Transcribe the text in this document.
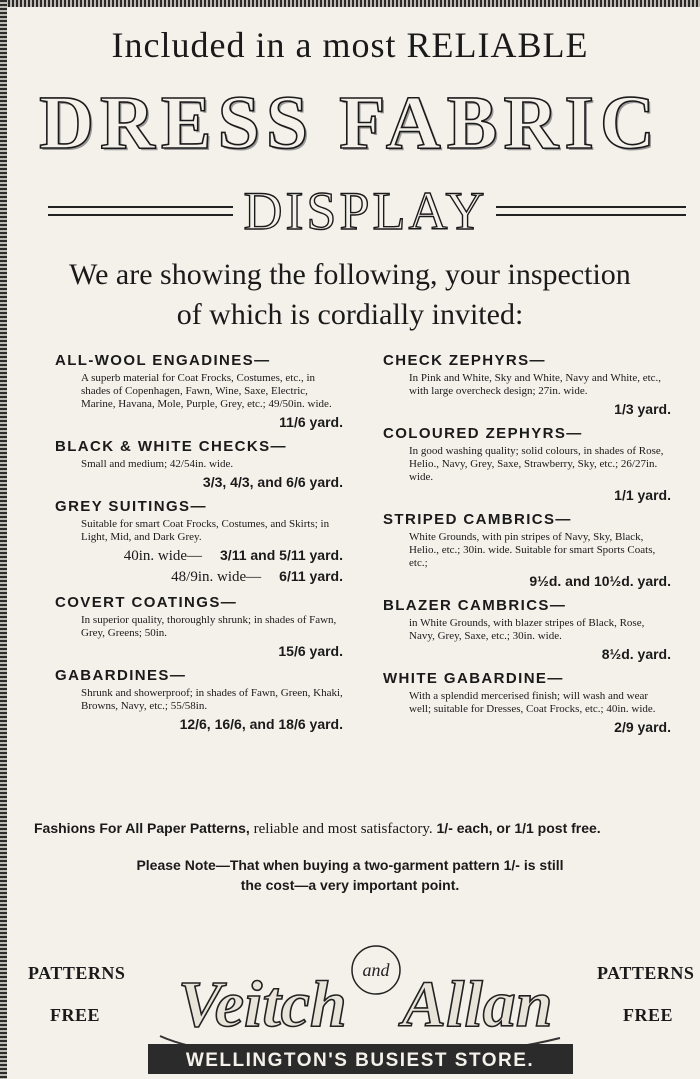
Included in a most RELIABLE
DRESS FABRIC
DISPLAY
We are showing the following, your inspection
of which is cordially invited:

ALL-WOOL ENGADINES—

A superb material for Coat Frocks, Costumes, etc., in shades of Copenhagen, Fawn, Wine, Saxe, Electric, Marine, Havana, Mole, Purple, Grey, etc.; 49/50in. wide.

11/6 yard.

BLACK & WHITE CHECKS—

Small and medium; 42/54in. wide.

3/3, 4/3, and 6/6 yard.

GREY SUITINGS—

Suitable for smart Coat Frocks, Costumes, and Skirts; in Light, Mid, and Dark Grey.

40in. wide— 3/11 and 5/11 yard.
48/9in. wide— 6/11 yard.

COVERT COATINGS—

In superior quality, thoroughly shrunk; in shades of Fawn, Grey, Greens; 50in.

15/6 yard.

GABARDINES—

Shrunk and showerproof; in shades of Fawn, Green, Khaki, Browns, Navy, etc.; 55/58in.

12/6, 16/6, and 18/6 yard.

CHECK ZEPHYRS—

In Pink and White, Sky and White, Navy and White, etc., with large overcheck design; 27in. wide.

1/3 yard.

COLOURED ZEPHYRS—

In good washing quality; solid colours, in shades of Rose, Helio., Navy, Grey, Saxe, Strawberry, Sky, etc.; 26/27in. wide.

1/1 yard.

STRIPED CAMBRICS—

White Grounds, with pin stripes of Navy, Sky, Black, Helio., etc.; 30in. wide. Suitable for smart Sports Coats, etc.;

9½d. and 10½d. yard.

BLAZER CAMBRICS—

in White Grounds, with blazer stripes of Black, Rose, Navy, Grey, Saxe, etc.; 30in. wide.

8½d. yard.

WHITE GABARDINE—

With a splendid mercerised finish; will wash and wear well; suitable for Dresses, Coat Frocks, etc.; 40in. wide.

2/9 yard.
Fashions For All Paper Patterns, reliable and most satisfactory. 1/- each, or 1/1 post free.
Please Note—That when buying a two-garment pattern 1/- is still
the cost—a very important point.
PATTERNS
FREE
PATTERNS
FREE
Veitch and Allan
WELLINGTON'S BUSIEST STORE.
